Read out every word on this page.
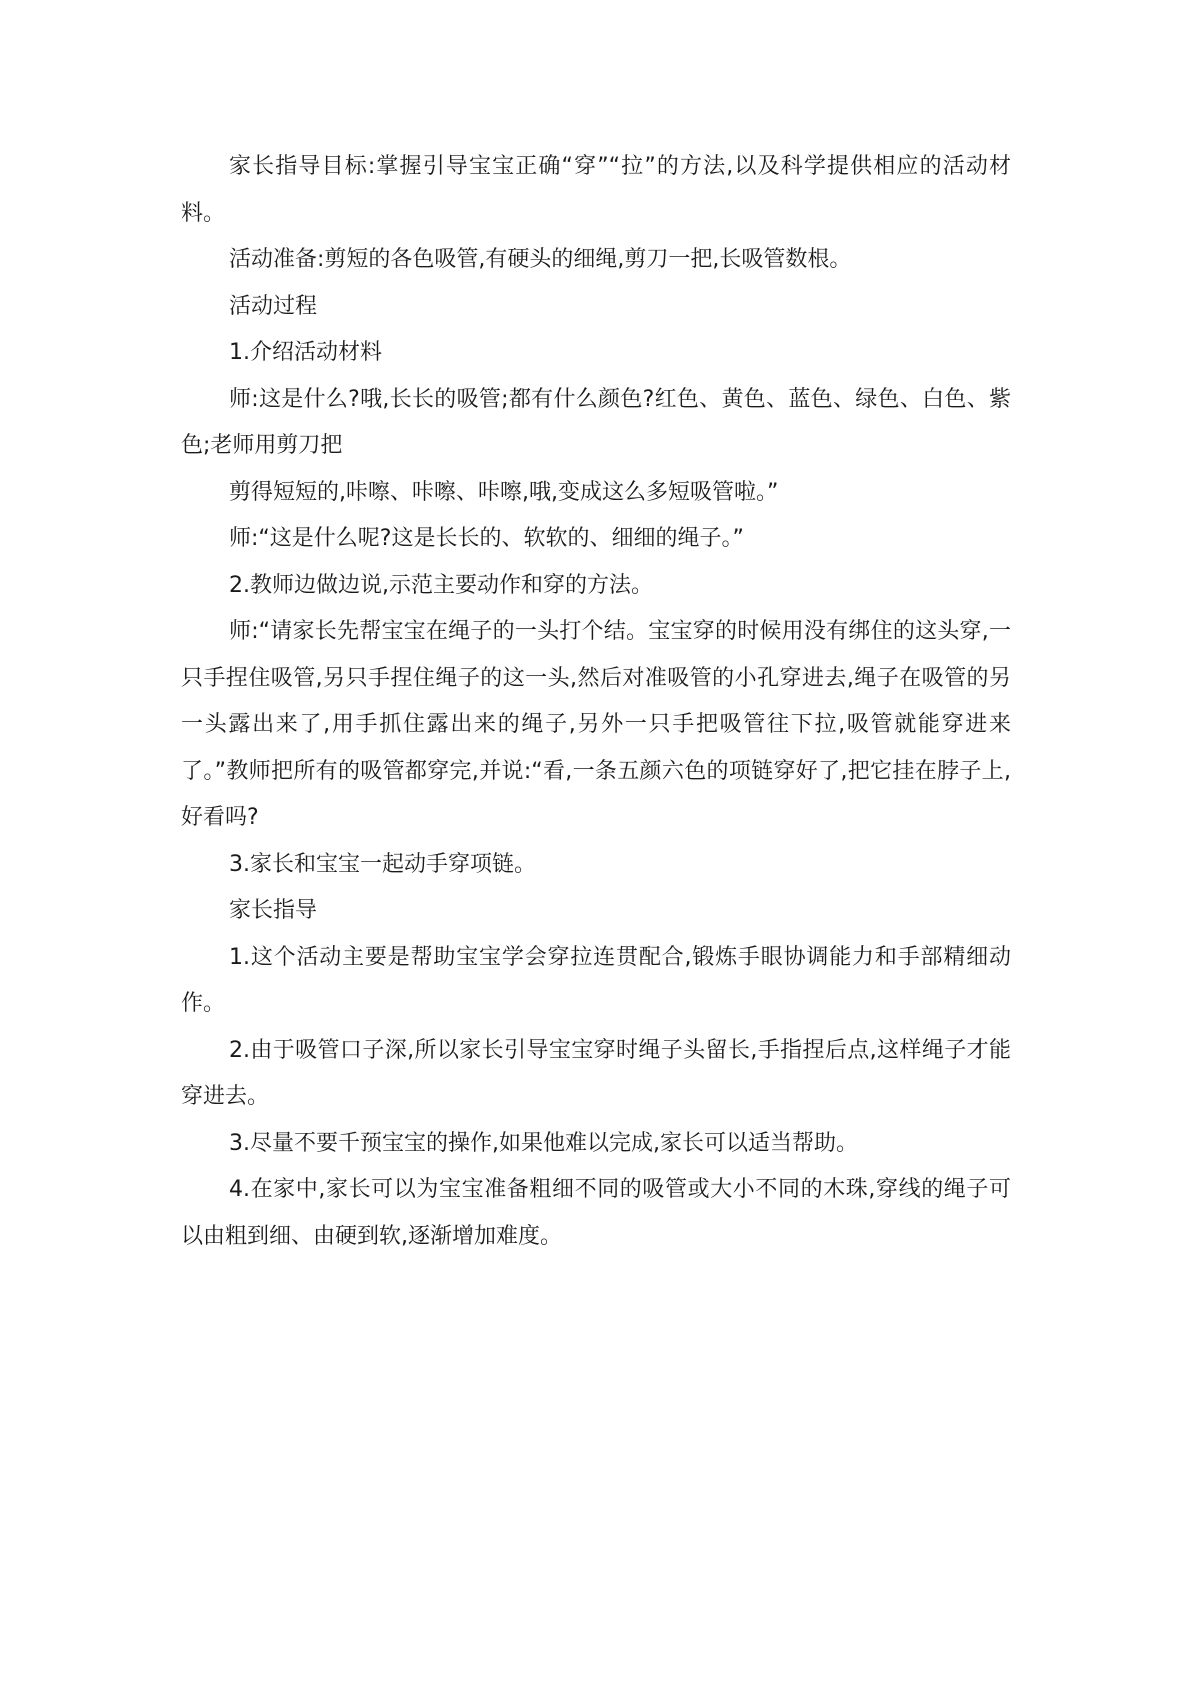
家长指导目标:掌握引导宝宝正确“穿”“拉”的方法,以及科学提供相应的活动材料。

活动准备:剪短的各色吸管,有硬头的细绳,剪刀一把,长吸管数根。

活动过程

1.介绍活动材料

师:这是什么?哦,长长的吸管;都有什么颜色?红色、黄色、蓝色、绿色、白色、紫色;老师用剪刀把

剪得短短的,咔嚓、咔嚓、咔嚓,哦,变成这么多短吸管啦。”

师:“这是什么呢?这是长长的、软软的、细细的绳子。”

2.教师边做边说,示范主要动作和穿的方法。

师:“请家长先帮宝宝在绳子的一头打个结。宝宝穿的时候用没有绑住的这头穿,一只手捏住吸管,另只手捏住绳子的这一头,然后对准吸管的小孔穿进去,绳子在吸管的另一头露出来了,用手抓住露出来的绳子,另外一只手把吸管往下拉,吸管就能穿进来了。”教师把所有的吸管都穿完,并说:“看,一条五颜六色的项链穿好了,把它挂在脖子上,好看吗?

3.家长和宝宝一起动手穿项链。

家长指导

1.这个活动主要是帮助宝宝学会穿拉连贯配合,锻炼手眼协调能力和手部精细动作。

2.由于吸管口子深,所以家长引导宝宝穿时绳子头留长,手指捏后点,这样绳子才能穿进去。

3.尽量不要千预宝宝的操作,如果他难以完成,家长可以适当帮助。

4.在家中,家长可以为宝宝准备粗细不同的吸管或大小不同的木珠,穿线的绳子可以由粗到细、由硬到软,逐渐增加难度。
